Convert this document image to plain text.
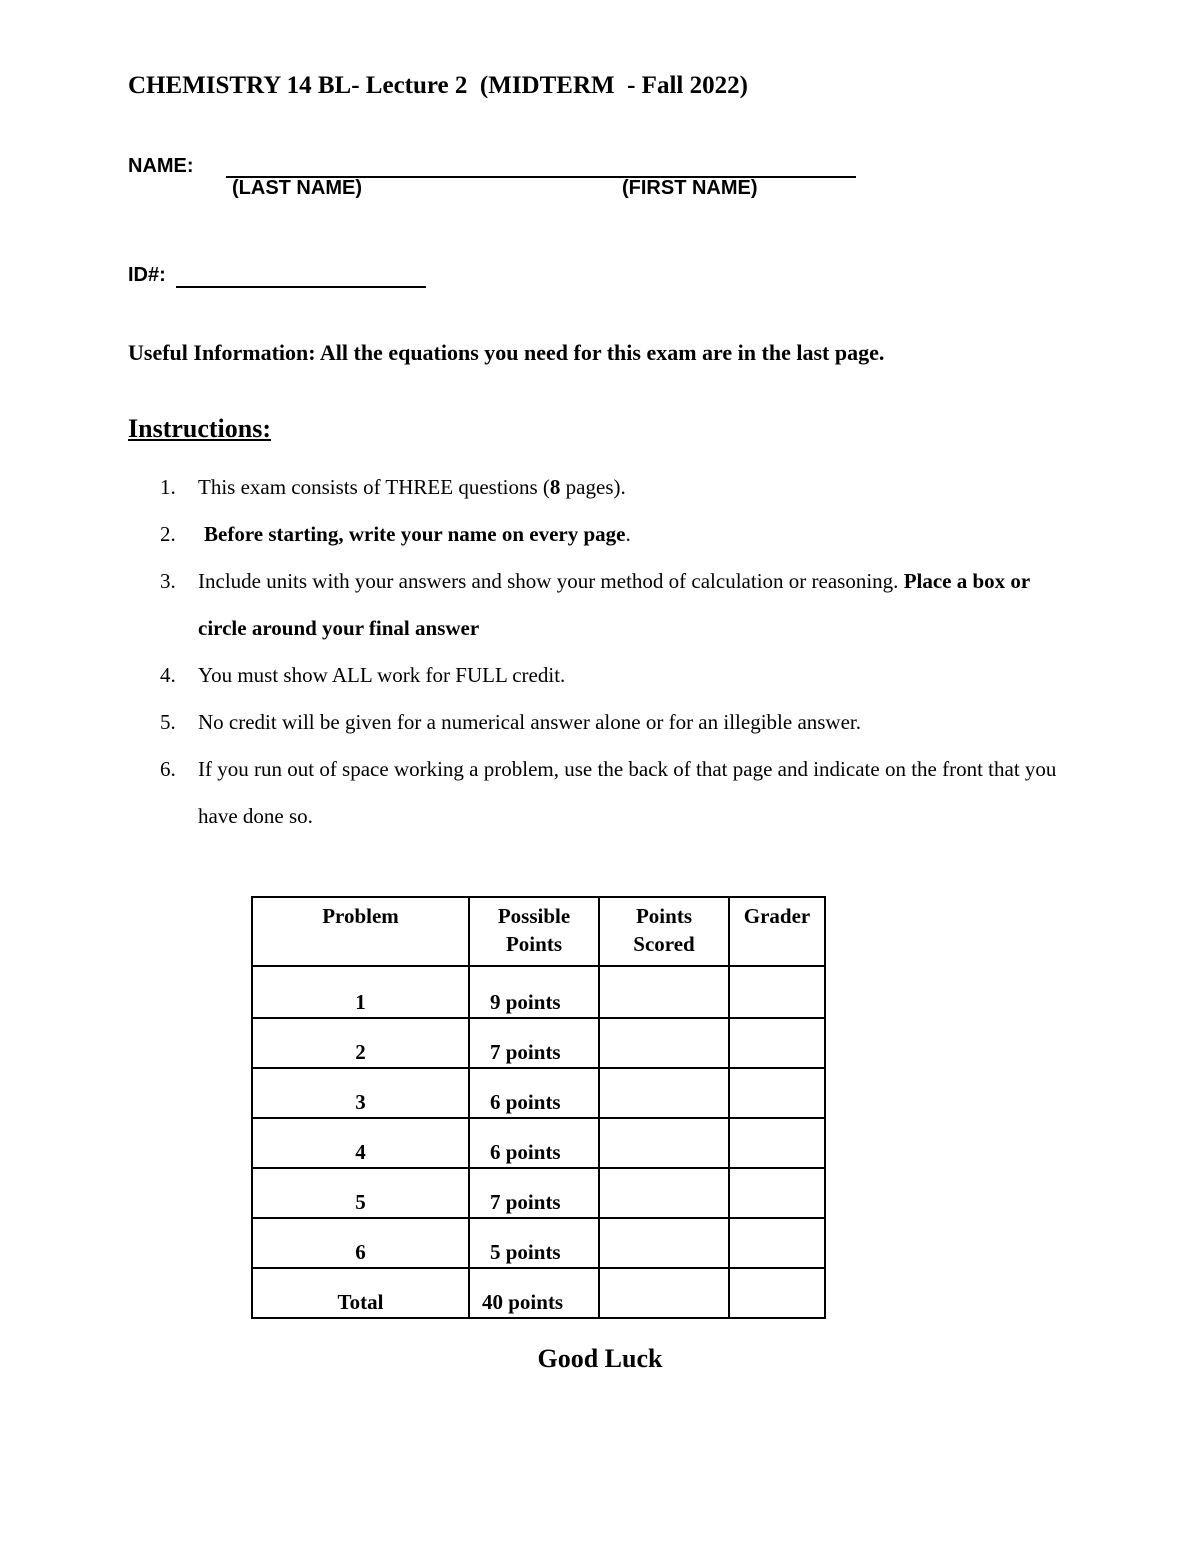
CHEMISTRY 14 BL- Lecture 2  (MIDTERM  - Fall 2022)
NAME:
(LAST NAME)	(FIRST NAME)
ID#:
Useful Information: All the equations you need for this exam are in the last page.
Instructions:
1. This exam consists of THREE questions (8 pages).
2. Before starting, write your name on every page.
3. Include units with your answers and show your method of calculation or reasoning. Place a box or circle around your final answer
4. You must show ALL work for FULL credit.
5. No credit will be given for a numerical answer alone or for an illegible answer.
6. If you run out of space working a problem, use the back of that page and indicate on the front that you have done so.
Problem	Possible Points	Points Scored	Grader
1	9 points		
2	7 points		
3	6 points		
4	6 points		
5	7 points		
6	5 points		
Total	40 points		
Good Luck
